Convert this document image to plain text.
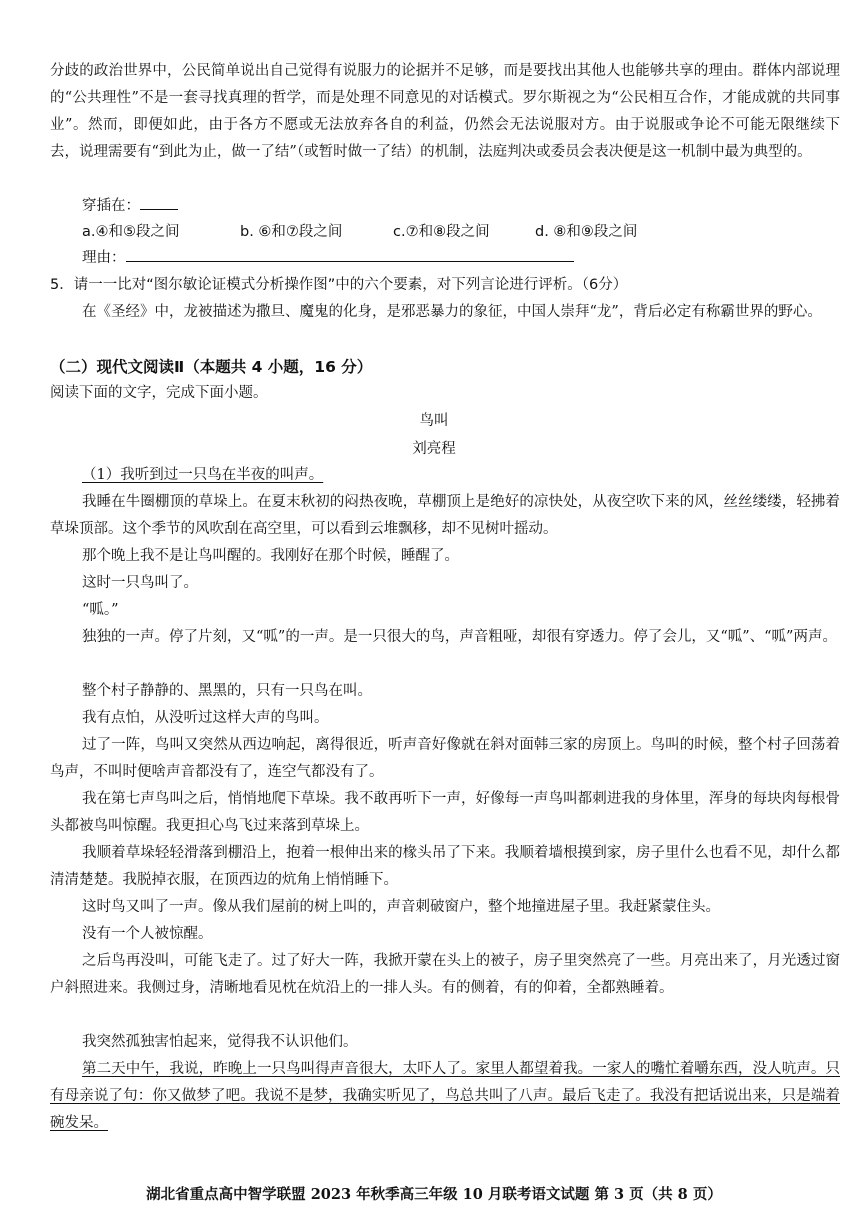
分歧的政治世界中，公民简单说出自己觉得有说服力的论据并不足够，而是要找出其他人也能够共享的理由。群体内部说理的“公共理性”不是一套寻找真理的哲学，而是处理不同意见的对话模式。罗尔斯视之为“公民相互合作，才能成就的共同事业”。然而，即便如此，由于各方不愿或无法放弃各自的利益，仍然会无法说服对方。由于说服或争论不可能无限继续下去，说理需要有“到此为止，做一了结”（或暂时做一了结）的机制，法庭判决或委员会表决便是这一机制中最为典型的。

穿插在：
a.④和⑤段之间	b. ⑥和⑦段之间	c.⑦和⑧段之间	d. ⑧和⑨段之间
理由：

5．请一一比对“图尔敏论证模式分析操作图”中的六个要素，对下列言论进行评析。（6分）

在《圣经》中，龙被描述为撒旦、魔鬼的化身，是邪恶暴力的象征，中国人崇拜“龙”，背后必定有称霸世界的野心。

（二）现代文阅读Ⅱ（本题共 4 小题，16 分）

阅读下面的文字，完成下面小题。

鸟叫

刘亮程

（1）我听到过一只鸟在半夜的叫声。

我睡在牛圈棚顶的草垛上。在夏末秋初的闷热夜晚，草棚顶上是绝好的凉快处，从夜空吹下来的风，丝丝缕缕，轻拂着草垛顶部。这个季节的风吹刮在高空里，可以看到云堆飘移，却不见树叶摇动。

那个晚上我不是让鸟叫醒的。我刚好在那个时候，睡醒了。

这时一只鸟叫了。

“呱。”

独独的一声。停了片刻，又“呱”的一声。是一只很大的鸟，声音粗哑，却很有穿透力。停了会儿，又“呱”、“呱”两声。

整个村子静静的、黑黑的，只有一只鸟在叫。

我有点怕，从没听过这样大声的鸟叫。

过了一阵，鸟叫又突然从西边响起，离得很近，听声音好像就在斜对面韩三家的房顶上。鸟叫的时候，整个村子回荡着鸟声，不叫时便啥声音都没有了，连空气都没有了。

我在第七声鸟叫之后，悄悄地爬下草垛。我不敢再听下一声，好像每一声鸟叫都刺进我的身体里，浑身的每块肉每根骨头都被鸟叫惊醒。我更担心鸟飞过来落到草垛上。

我顺着草垛轻轻滑落到棚沿上，抱着一根伸出来的椽头吊了下来。我顺着墙根摸到家，房子里什么也看不见，却什么都清清楚楚。我脱掉衣服，在顶西边的炕角上悄悄睡下。

这时鸟又叫了一声。像从我们屋前的树上叫的，声音刺破窗户，整个地撞进屋子里。我赶紧蒙住头。

没有一个人被惊醒。

之后鸟再没叫，可能飞走了。过了好大一阵，我掀开蒙在头上的被子，房子里突然亮了一些。月亮出来了，月光透过窗户斜照进来。我侧过身，清晰地看见枕在炕沿上的一排人头。有的侧着，有的仰着，全都熟睡着。

我突然孤独害怕起来，觉得我不认识他们。

第二天中午，我说，昨晚上一只鸟叫得声音很大，太吓人了。家里人都望着我。一家人的嘴忙着嚼东西，没人吭声。只有母亲说了句：你又做梦了吧。我说不是梦，我确实听见了，鸟总共叫了八声。最后飞走了。我没有把话说出来，只是端着碗发呆。

湖北省重点高中智学联盟 2023 年秋季高三年级 10 月联考语文试题 第 3 页（共 8 页）
